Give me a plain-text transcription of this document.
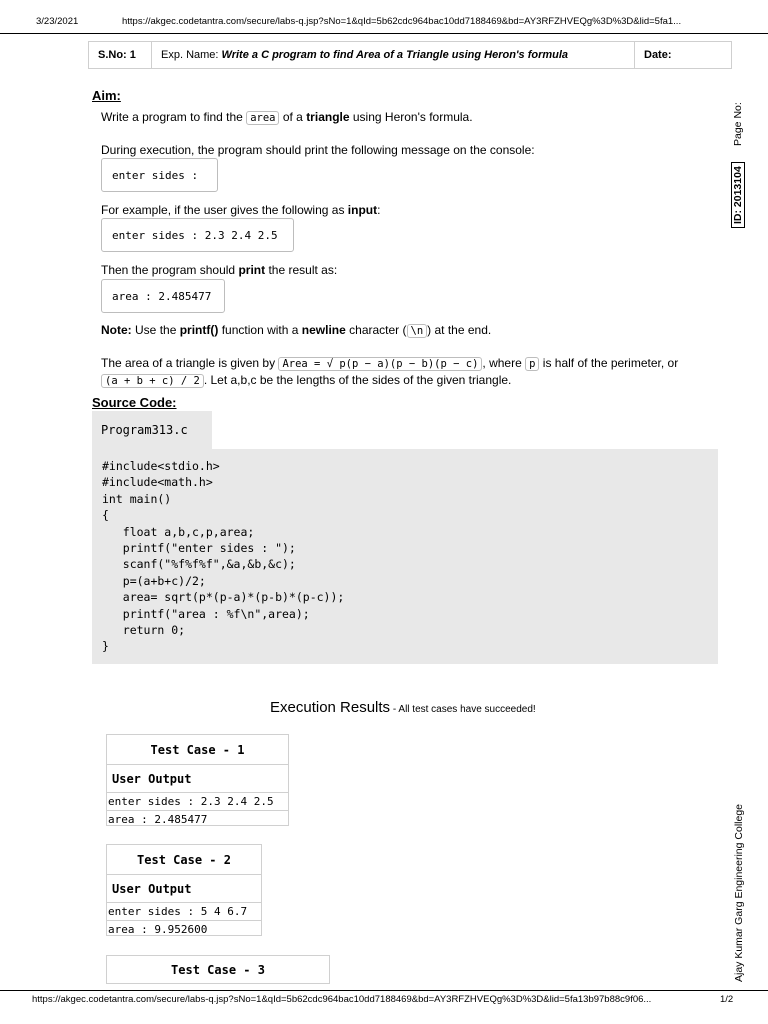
3/23/2021	https://akgec.codetantra.com/secure/labs-q.jsp?sNo=1&qId=5b62cdc964bac10dd7188469&bd=AY3RFZHVEQg%3D%3D&lid=5fa1...
S.No: 1	Exp. Name:
Write a C program to find Area of a Triangle using Heron's formula	Date:
Aim:
Write a program to find the area of a triangle using Heron's formula.
During execution, the program should print the following message on the console:
enter sides :
For example, if the user gives the following as input:
enter sides : 2.3 2.4 2.5
Then the program should print the result as:
area : 2.485477
Note: Use the printf() function with a newline character ( \n ) at the end.
The area of a triangle is given by Area = √ p(p − a)(p − b)(p − c) , where p is half of the perimeter, or
(a + b + c) / 2 . Let a,b,c be the lengths of the sides of the given triangle.
Source Code:
Program313.c
#include<stdio.h>
#include<math.h>
int main()
{
float a,b,c,p,area;
printf("enter sides : ");
scanf("%f%f%f",&a,&b,&c);
p=(a+b+c)/2;
area= sqrt(p*(p-a)*(p-b)*(p-c));
printf("area : %f\n",area);
return 0;
}
Execution Results - All test cases have succeeded!
Test Case - 1
User Output
enter sides : 2.3 2.4 2.5
area : 2.485477
Test Case - 2
User Output
enter sides : 5 4 6.7
area : 9.952600
Test Case - 3
Page No:
ID: 2013104
Ajay Kumar Garg Engineering College
https://akgec.codetantra.com/secure/labs-q.jsp?sNo=1&qId=5b62cdc964bac10dd7188469&bd=AY3RFZHVEQg%3D%3D&lid=5fa13b97b88c9f06...	1/2
